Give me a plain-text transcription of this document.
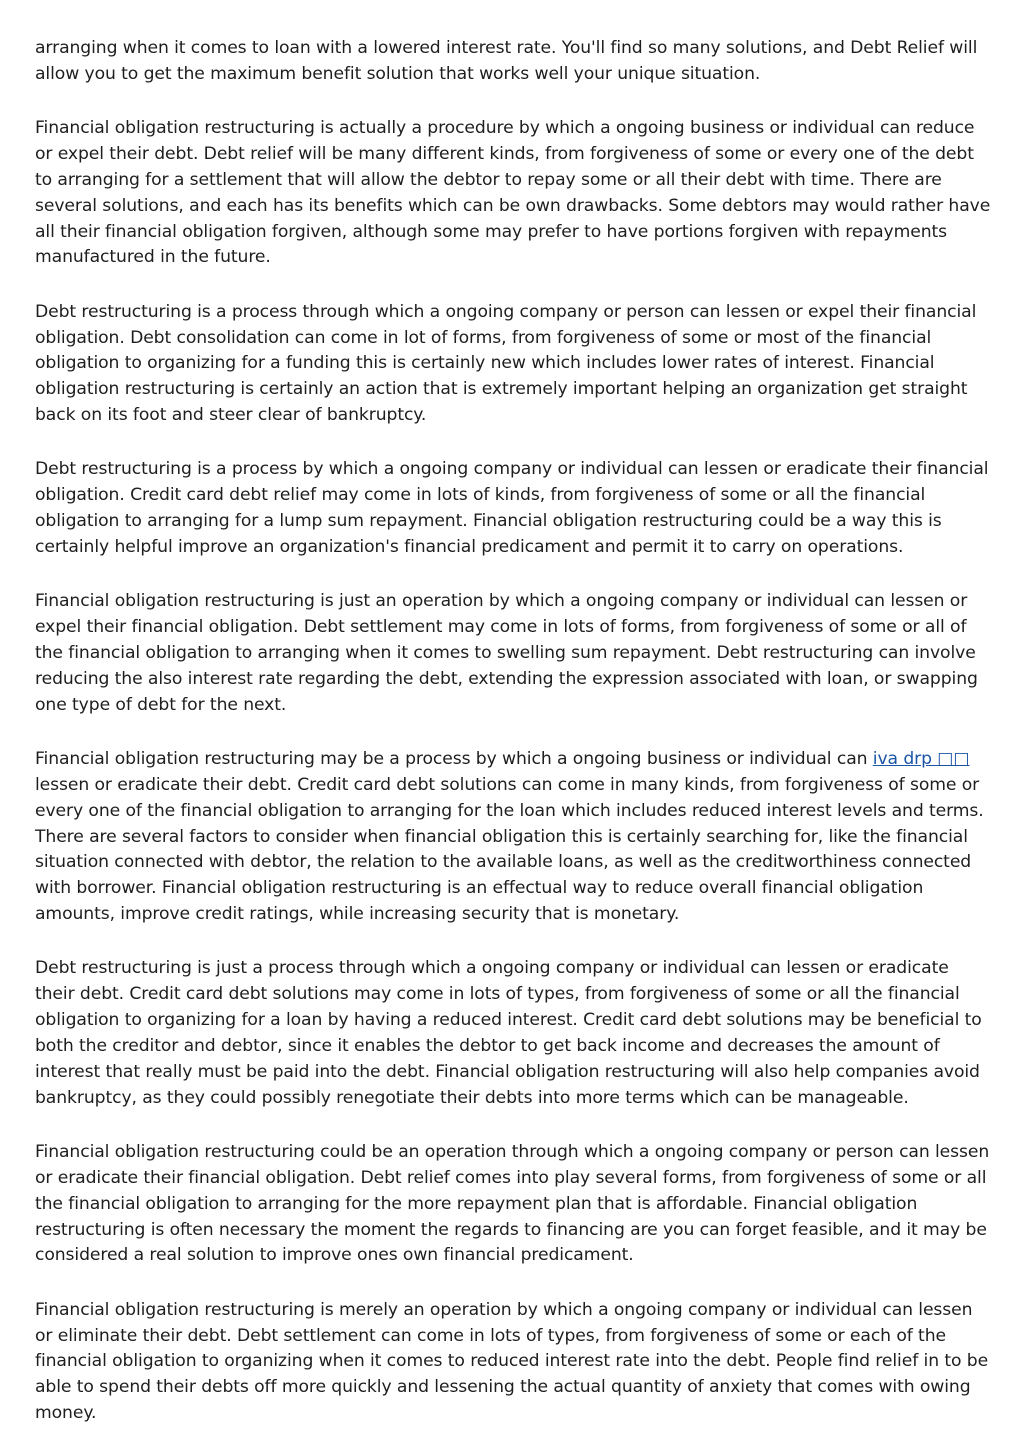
arranging when it comes to loan with a lowered interest rate. You'll find so many solutions, and Debt Relief will allow you to get the maximum benefit solution that works well your unique situation.

Financial obligation restructuring is actually a procedure by which a ongoing business or individual can reduce or expel their debt. Debt relief will be many different kinds, from forgiveness of some or every one of the debt to arranging for a settlement that will allow the debtor to repay some or all their debt with time. There are several solutions, and each has its benefits which can be own drawbacks. Some debtors may would rather have all their financial obligation forgiven, although some may prefer to have portions forgiven with repayments manufactured in the future.

Debt restructuring is a process through which a ongoing company or person can lessen or expel their financial obligation. Debt consolidation can come in lot of forms, from forgiveness of some or most of the financial obligation to organizing for a funding this is certainly new which includes lower rates of interest. Financial obligation restructuring is certainly an action that is extremely important helping an organization get straight back on its foot and steer clear of bankruptcy.

Debt restructuring is a process by which a ongoing company or individual can lessen or eradicate their financial obligation. Credit card debt relief may come in lots of kinds, from forgiveness of some or all the financial obligation to arranging for a lump sum repayment. Financial obligation restructuring could be a way this is certainly helpful improve an organization's financial predicament and permit it to carry on operations.

Financial obligation restructuring is just an operation by which a ongoing company or individual can lessen or expel their financial obligation. Debt settlement may come in lots of forms, from forgiveness of some or all of the financial obligation to arranging when it comes to swelling sum repayment. Debt restructuring can involve reducing the also interest rate regarding the debt, extending the expression associated with loan, or swapping one type of debt for the next.

Financial obligation restructuring may be a process by which a ongoing business or individual can iva drp □□ lessen or eradicate their debt. Credit card debt solutions can come in many kinds, from forgiveness of some or every one of the financial obligation to arranging for the loan which includes reduced interest levels and terms. There are several factors to consider when financial obligation this is certainly searching for, like the financial situation connected with debtor, the relation to the available loans, as well as the creditworthiness connected with borrower. Financial obligation restructuring is an effectual way to reduce overall financial obligation amounts, improve credit ratings, while increasing security that is monetary.

Debt restructuring is just a process through which a ongoing company or individual can lessen or eradicate their debt. Credit card debt solutions may come in lots of types, from forgiveness of some or all the financial obligation to organizing for a loan by having a reduced interest. Credit card debt solutions may be beneficial to both the creditor and debtor, since it enables the debtor to get back income and decreases the amount of interest that really must be paid into the debt. Financial obligation restructuring will also help companies avoid bankruptcy, as they could possibly renegotiate their debts into more terms which can be manageable.

Financial obligation restructuring could be an operation through which a ongoing company or person can lessen or eradicate their financial obligation. Debt relief comes into play several forms, from forgiveness of some or all the financial obligation to arranging for the more repayment plan that is affordable. Financial obligation restructuring is often necessary the moment the regards to financing are you can forget feasible, and it may be considered a real solution to improve ones own financial predicament.

Financial obligation restructuring is merely an operation by which a ongoing company or individual can lessen or eliminate their debt. Debt settlement can come in lots of types, from forgiveness of some or each of the financial obligation to organizing when it comes to reduced interest rate into the debt. People find relief in to be able to spend their debts off more quickly and lessening the actual quantity of anxiety that comes with owing money.
